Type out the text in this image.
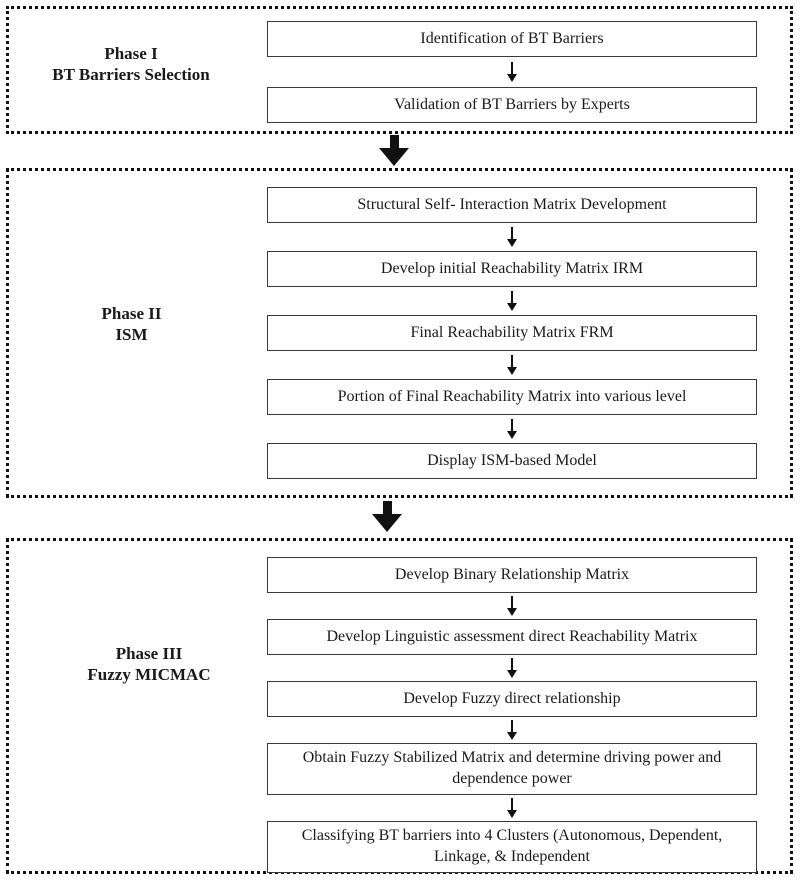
Phase I
BT Barriers Selection
Identification of BT Barriers
Validation of BT Barriers by Experts
Phase II
ISM
Structural Self- Interaction Matrix Development
Develop initial Reachability Matrix IRM
Final Reachability Matrix FRM
Portion of Final Reachability Matrix into various level
Display ISM-based Model
Phase III
Fuzzy MICMAC
Develop Binary Relationship Matrix
Develop Linguistic assessment direct Reachability Matrix
Develop Fuzzy direct relationship
Obtain Fuzzy Stabilized Matrix and determine driving power and dependence power
Classifying BT barriers into 4 Clusters (Autonomous, Dependent, Linkage, & Independent
